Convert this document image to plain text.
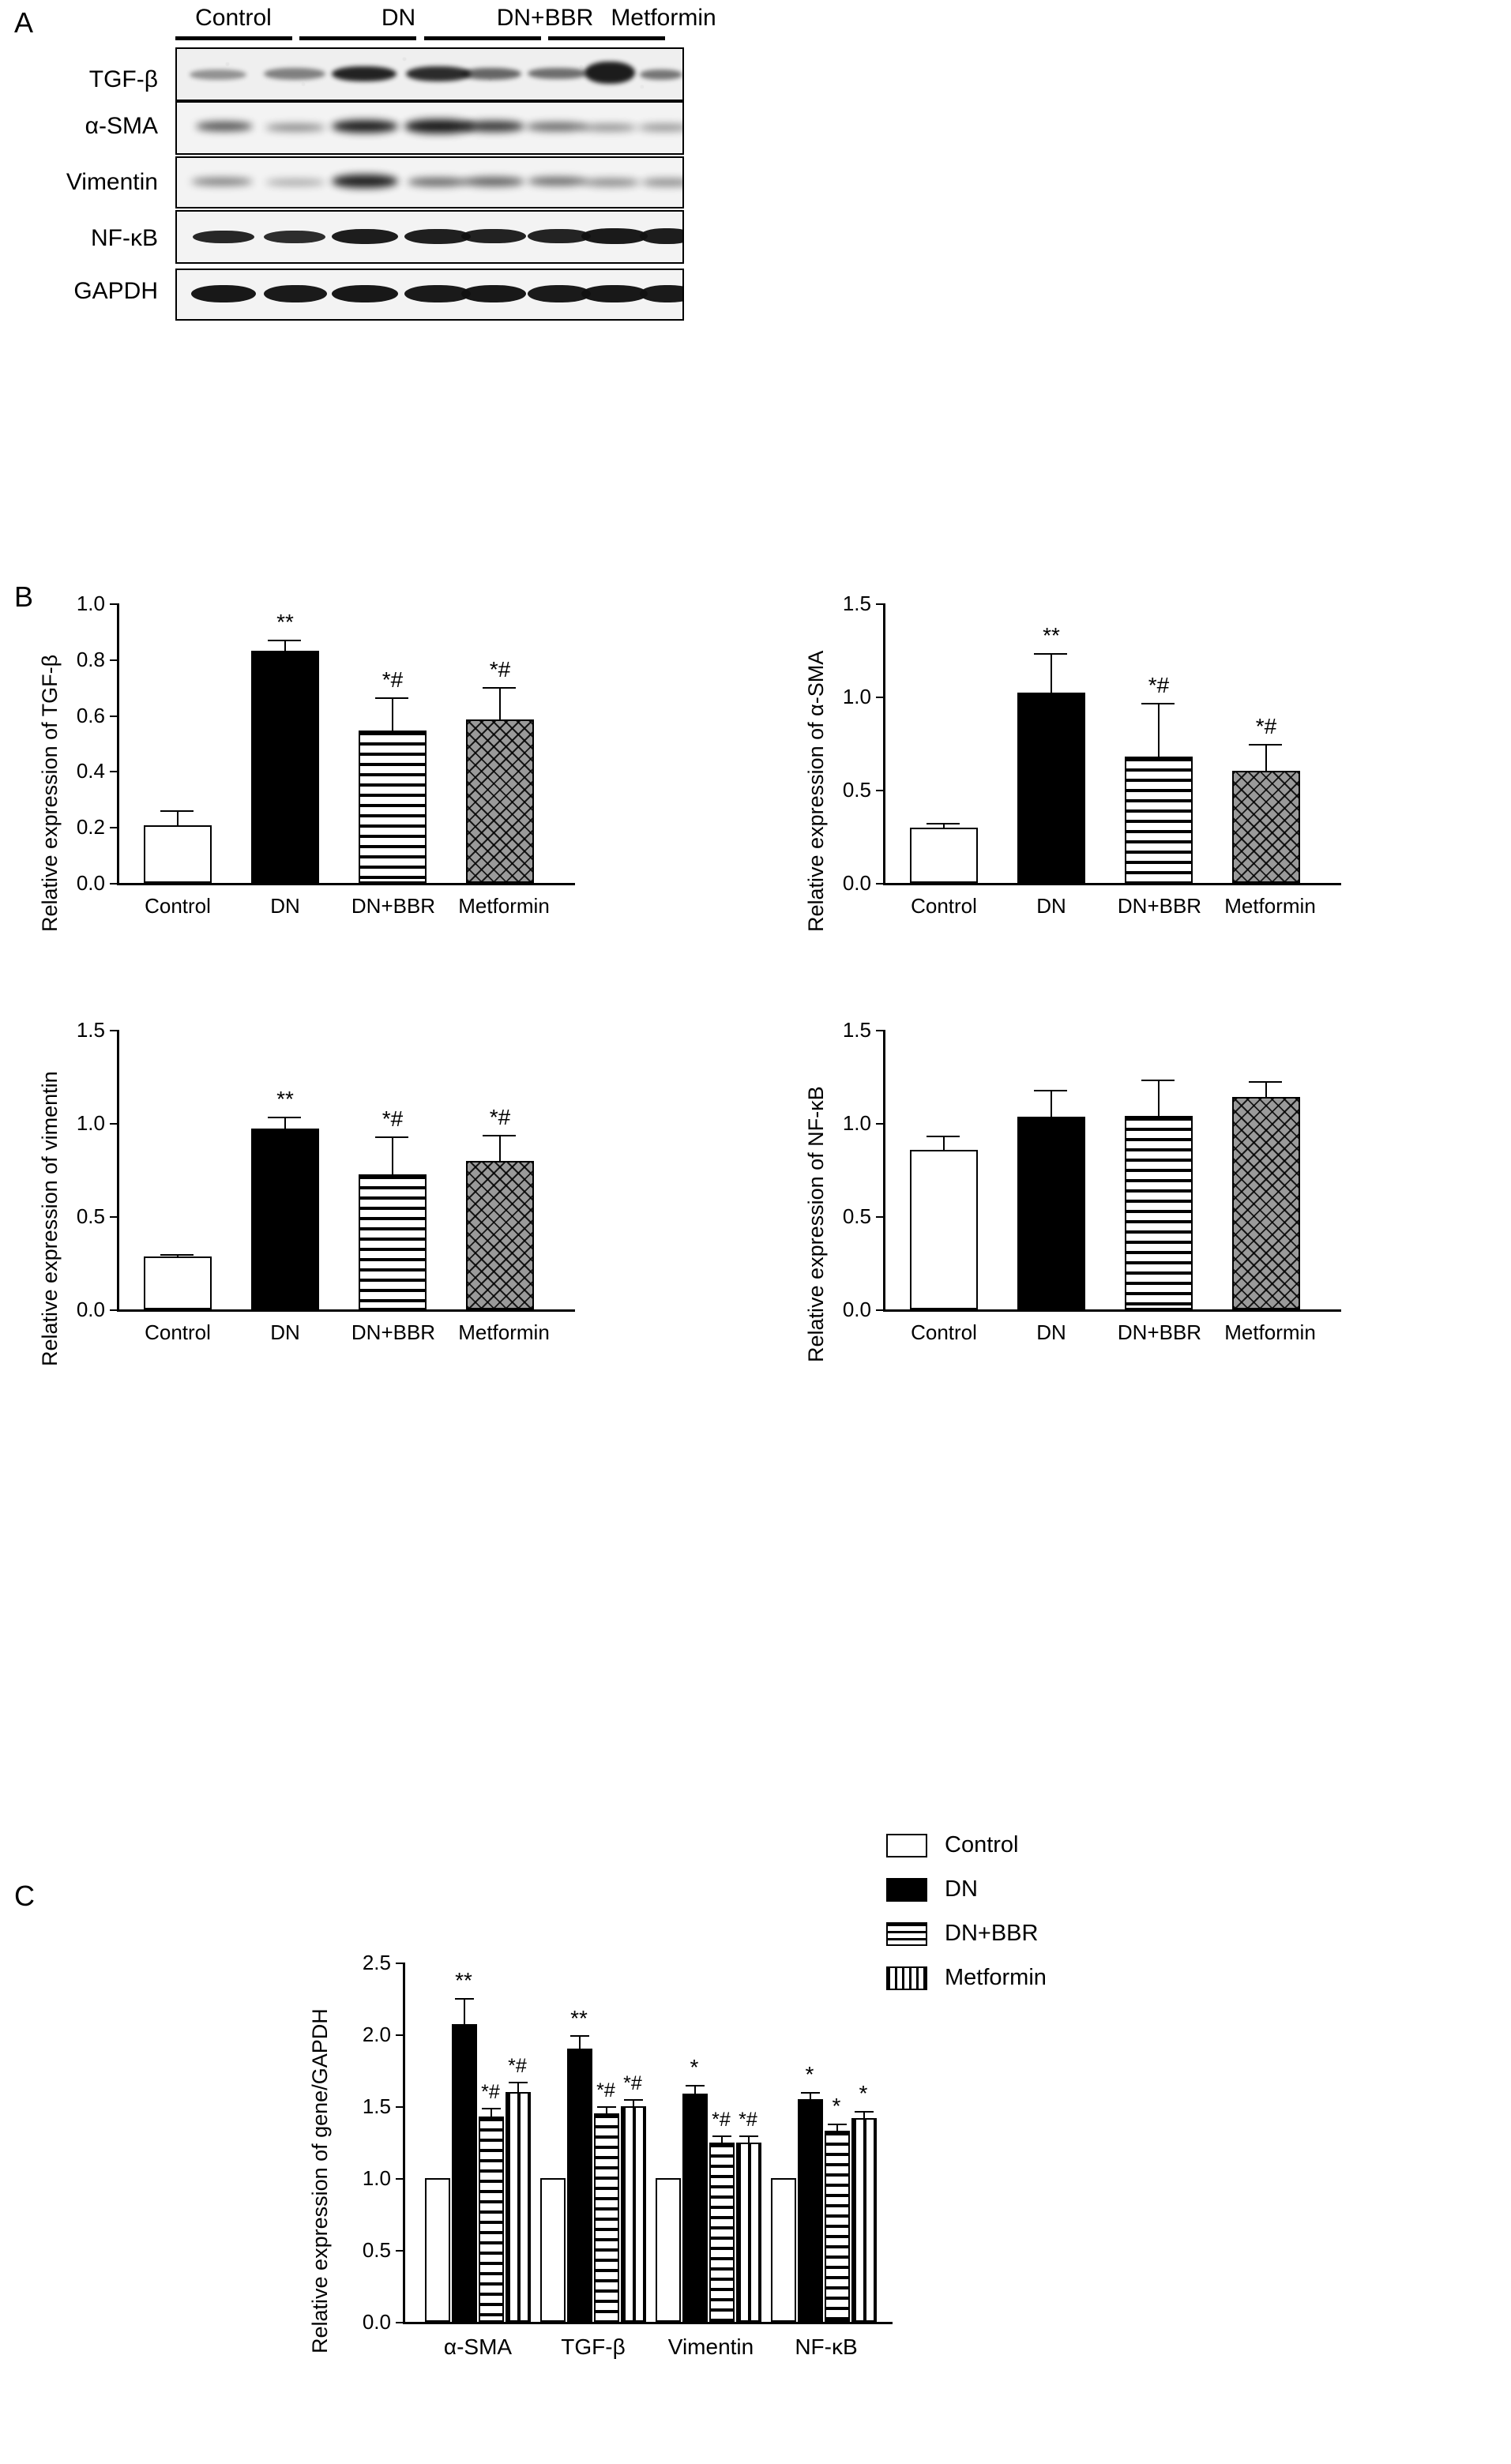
A	Control	DN	DN+BBR Metformin
TGF-β
α-SMA
Vimentin
NF-κB
GAPDH
B
Relative expression of TGF-β 0.0
0.2
0.4
0.6
0.8
1.0
**
*#	*#
Control	DN	DN+BBR	Metformin	Relative expression of α-SMA 0.0
0.5
1.0
1.5
**
*#
*#
Control	DN	DN+BBR	Metformin
Relative expression of vimentin 0.0
0.5
1.0
1.5
**
*#	*#
Control	DN	DN+BBR	Metformin	Relative expression of NF-κB 0.0
0.5
1.0
1.5
Control	DN	DN+BBR	Metformin
C
Control
DN
DN+BBR
Metformin
Relative expression of gene/GAPDH	0.0
0.5
1.0
1.5
2.0
2.5
**
*#
*#
α-SMA
**
*# *#
TGF-β
*
*# *#
Vimentin
*
*
*
NF-κB
